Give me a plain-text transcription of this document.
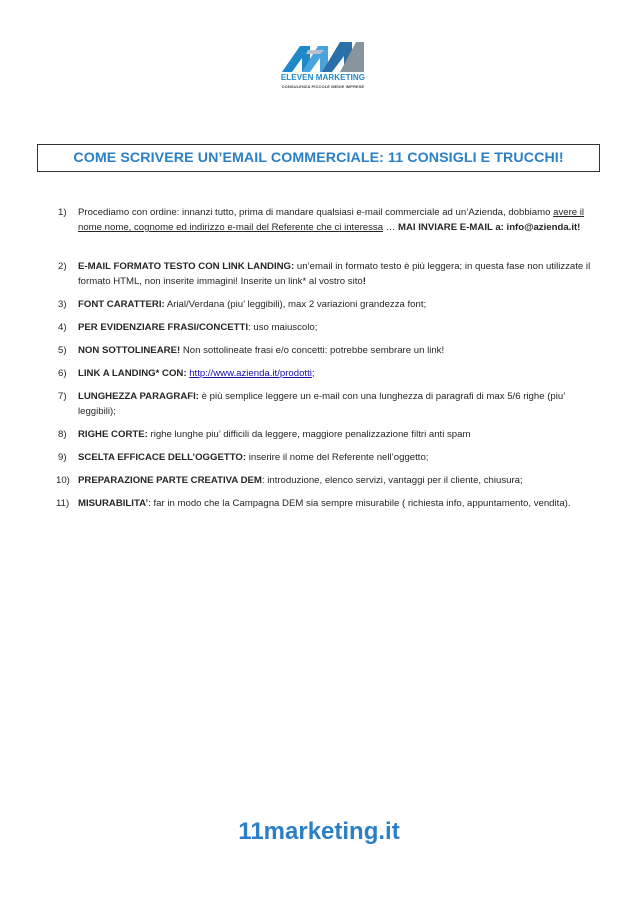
ELEVEN MARKETING
CONSULENZA PICCOLE MEDIE IMPRESE
COME SCRIVERE UN’EMAIL COMMERCIALE: 11 CONSIGLI E TRUCCHI!
1) Procediamo con ordine: innanzi tutto, prima di mandare qualsiasi e-mail commerciale ad un’Azienda, dobbiamo avere il nome nome, cognome ed indirizzo e-mail del Referente che ci interessa … MAI INVIARE E-MAIL a: info@azienda.it!
2) E-MAIL FORMATO TESTO CON LINK LANDING: un’email in formato testo è più leggera; in questa fase non utilizzate il formato HTML, non inserite immagini! Inserite un link* al vostro sito!
3) FONT CARATTERI: Arial/Verdana (piu’ leggibili), max 2 variazioni grandezza font;
4) PER EVIDENZIARE FRASI/CONCETTI: uso maiuscolo;
5) NON SOTTOLINEARE! Non sottolineate frasi e/o concetti: potrebbe sembrare un link!
6) LINK A LANDING* CON: http://www.azienda.it/prodotti;
7) LUNGHEZZA PARAGRAFI: è più semplice leggere un e-mail con una lunghezza di paragrafi di max 5/6 righe (piu’ leggibili);
8) RIGHE CORTE: righe lunghe piu’ difficili da leggere, maggiore penalizzazione filtri anti spam
9) SCELTA EFFICACE DELL’OGGETTO: inserire il nome del Referente nell’oggetto;
10) PREPARAZIONE PARTE CREATIVA DEM: introduzione, elenco servizi, vantaggi per il cliente, chiusura;
11) MISURABILITA’: far in modo che la Campagna DEM sia sempre misurabile ( richiesta info, appuntamento, vendita).
11marketing.it
